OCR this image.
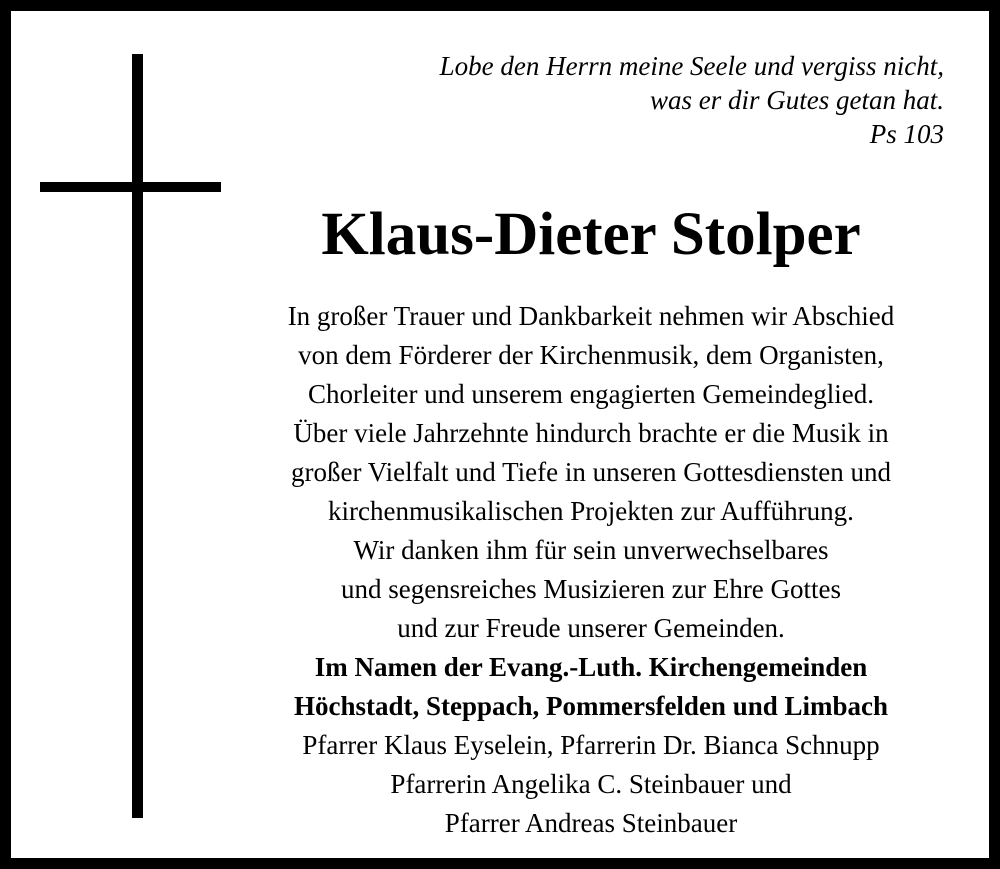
Lobe den Herrn meine Seele und vergiss nicht,
was er dir Gutes getan hat.
Ps 103
Klaus-Dieter Stolper
In großer Trauer und Dankbarkeit nehmen wir Abschied
von dem Förderer der Kirchenmusik, dem Organisten,
Chorleiter und unserem engagierten Gemeindeglied.
Über viele Jahrzehnte hindurch brachte er die Musik in
großer Vielfalt und Tiefe in unseren Gottesdiensten und
kirchenmusikalischen Projekten zur Aufführung.
Wir danken ihm für sein unverwechselbares
und segensreiches Musizieren zur Ehre Gottes
und zur Freude unserer Gemeinden.
Im Namen der Evang.-Luth. Kirchengemeinden
Höchstadt, Steppach, Pommersfelden und Limbach
Pfarrer Klaus Eyselein, Pfarrerin Dr. Bianca Schnupp
Pfarrerin Angelika C. Steinbauer und
Pfarrer Andreas Steinbauer
